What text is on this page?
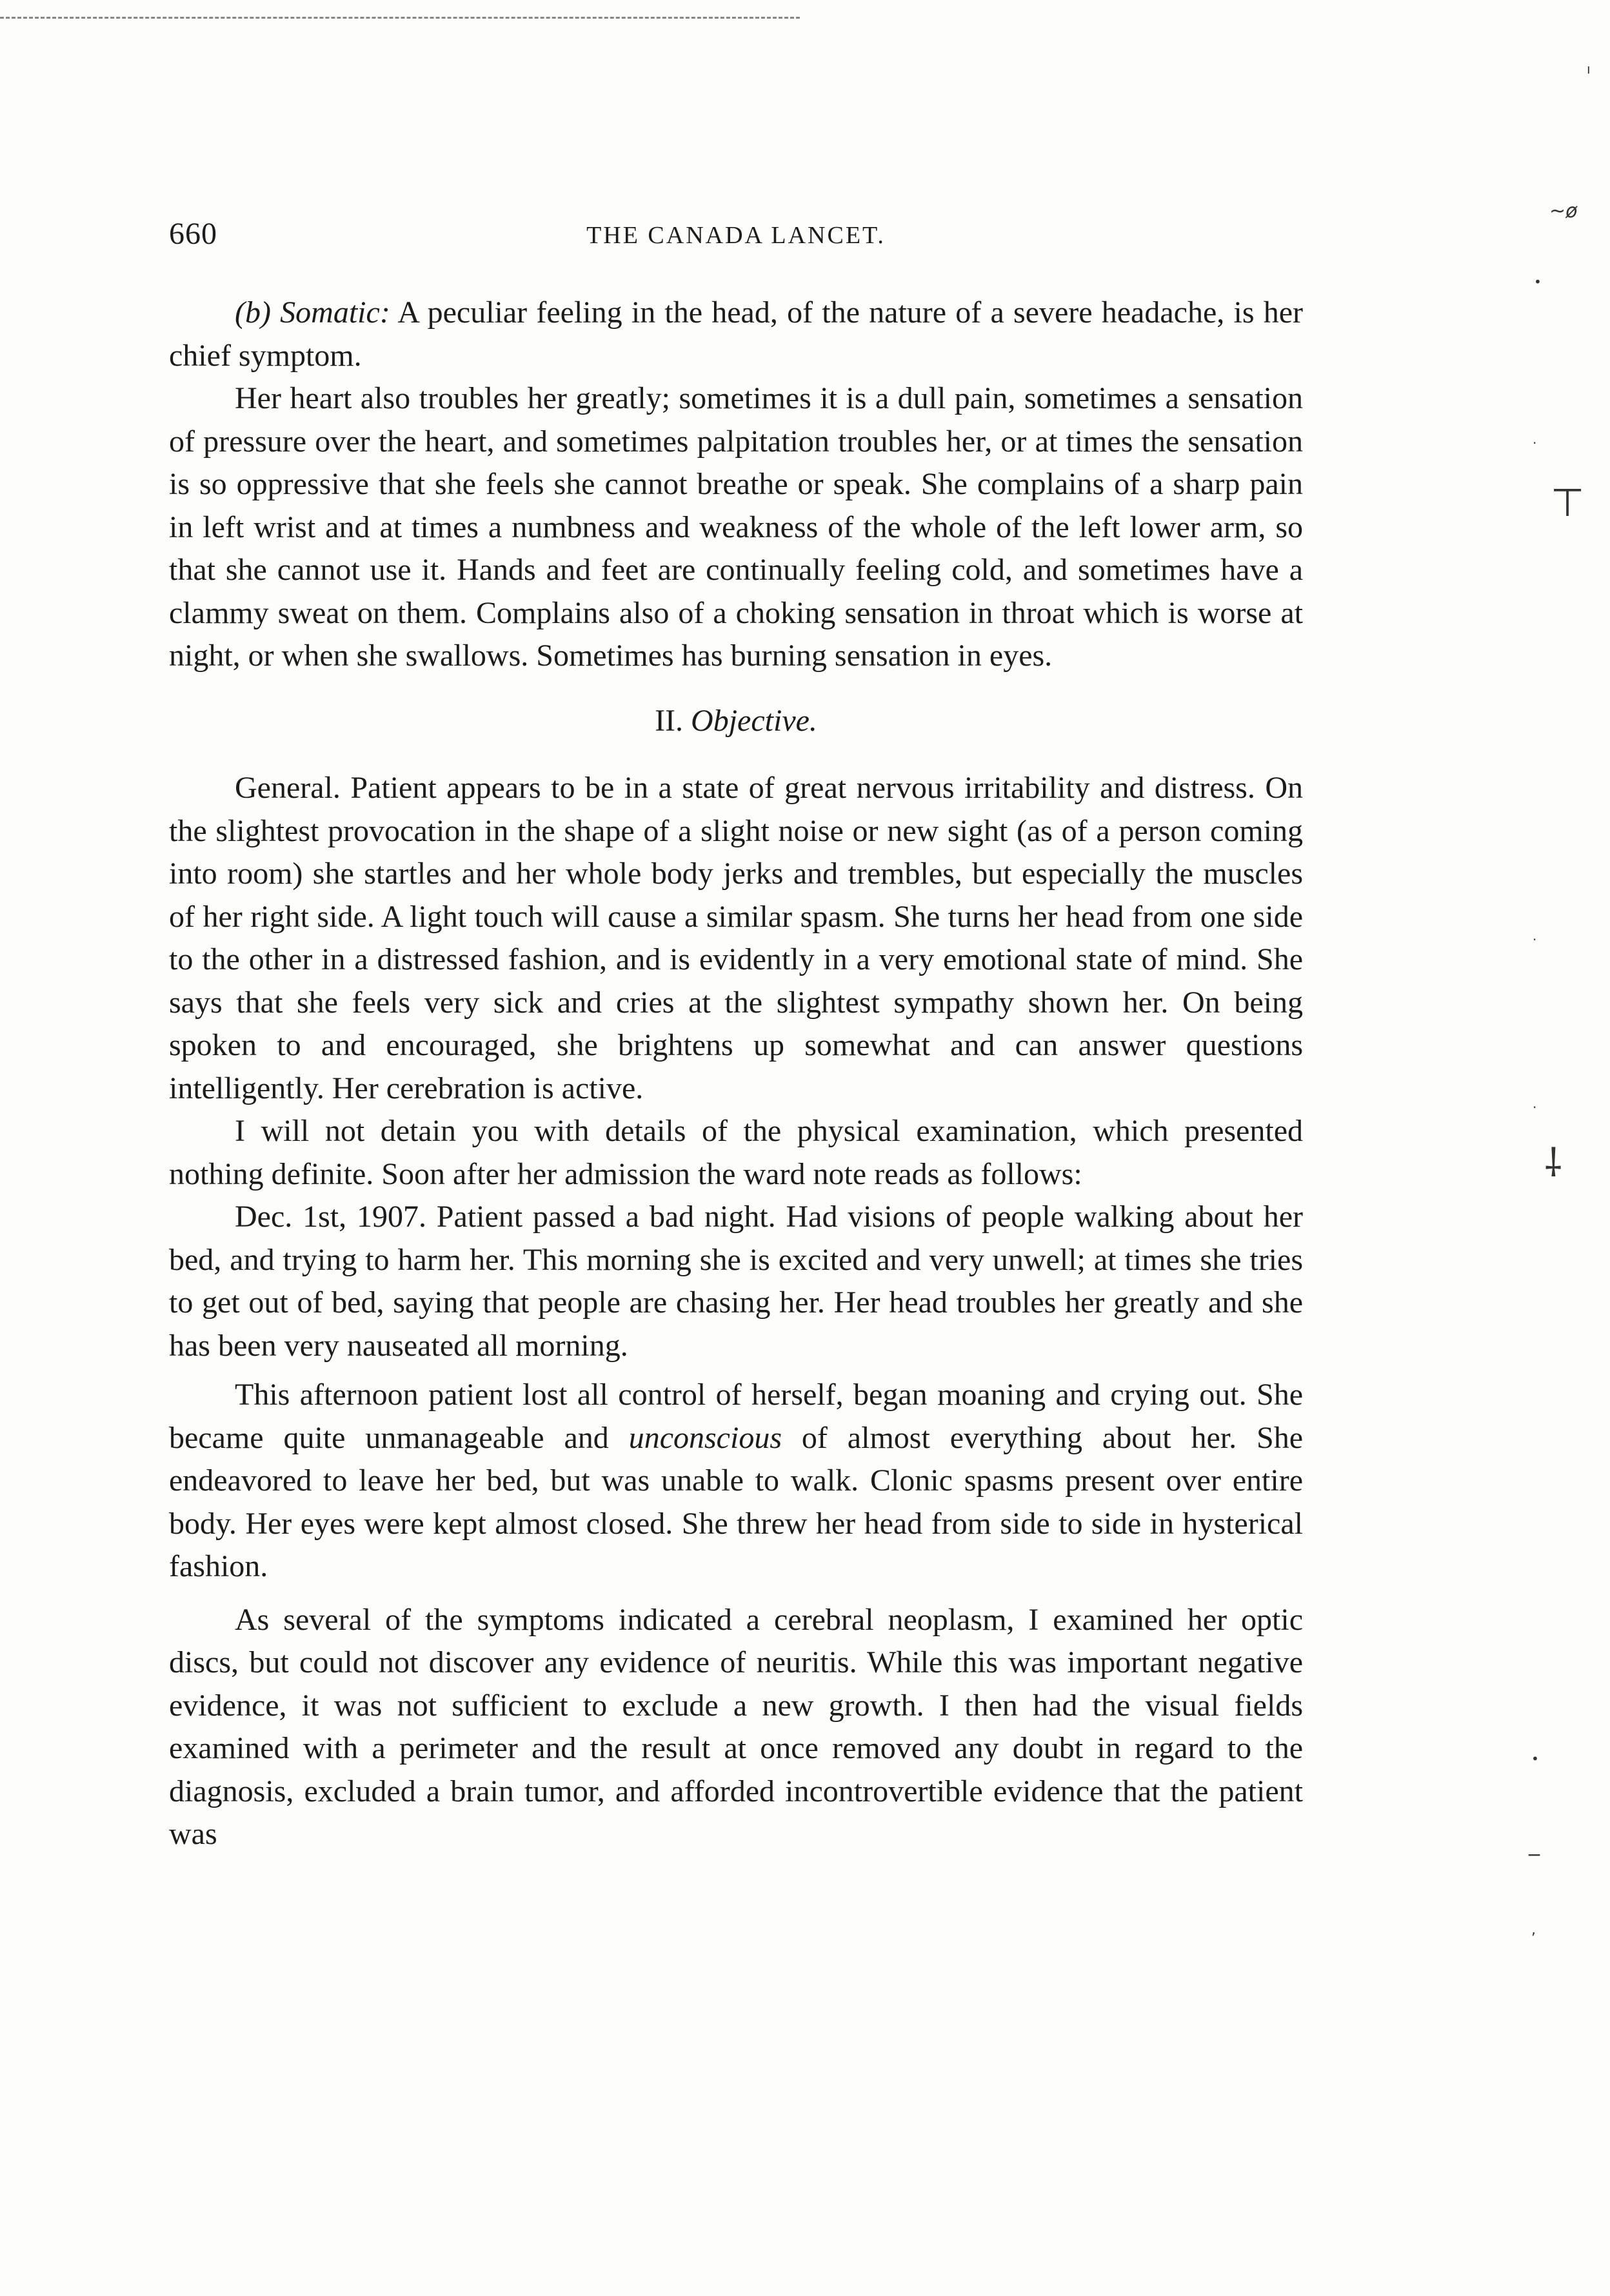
660	THE CANADA LANCET.

(b) Somatic: A peculiar feeling in the head, of the nature of a severe headache, is her chief symptom.

Her heart also troubles her greatly; sometimes it is a dull pain, sometimes a sensation of pressure over the heart, and sometimes palpitation troubles her, or at times the sensation is so oppressive that she feels she cannot breathe or speak. She complains of a sharp pain in left wrist and at times a numbness and weakness of the whole of the left lower arm, so that she cannot use it. Hands and feet are continually feeling cold, and sometimes have a clammy sweat on them. Complains also of a choking sensation in throat which is worse at night, or when she swallows. Sometimes has burning sensation in eyes.

II. Objective.

General. Patient appears to be in a state of great nervous irritability and distress. On the slightest provocation in the shape of a slight noise or new sight (as of a person coming into room) she startles and her whole body jerks and trembles, but especially the muscles of her right side. A light touch will cause a similar spasm. She turns her head from one side to the other in a distressed fashion, and is evidently in a very emotional state of mind. She says that she feels very sick and cries at the slightest sympathy shown her. On being spoken to and encouraged, she brightens up somewhat and can answer questions intelligently. Her cerebration is active.

I will not detain you with details of the physical examination, which presented nothing definite. Soon after her admission the ward note reads as follows:

Dec. 1st, 1907. Patient passed a bad night. Had visions of people walking about her bed, and trying to harm her. This morning she is excited and very unwell; at times she tries to get out of bed, saying that people are chasing her. Her head troubles her greatly and she has been very nauseated all morning.

This afternoon patient lost all control of herself, began moaning and crying out. She became quite unmanageable and unconscious of almost everything about her. She endeavored to leave her bed, but was unable to walk. Clonic spasms present over entire body. Her eyes were kept almost closed. She threw her head from side to side in hysterical fashion.

As several of the symptoms indicated a cerebral neoplasm, I examined her optic discs, but could not discover any evidence of neuritis. While this was important negative evidence, it was not sufficient to exclude a new growth. I then had the visual fields examined with a perimeter and the result at once removed any doubt in regard to the diagnosis, excluded a brain tumor, and afforded incontrovertible evidence that the patient was

ı
~ø
•
·
⊤
·
·
⸸
•
‾
,
